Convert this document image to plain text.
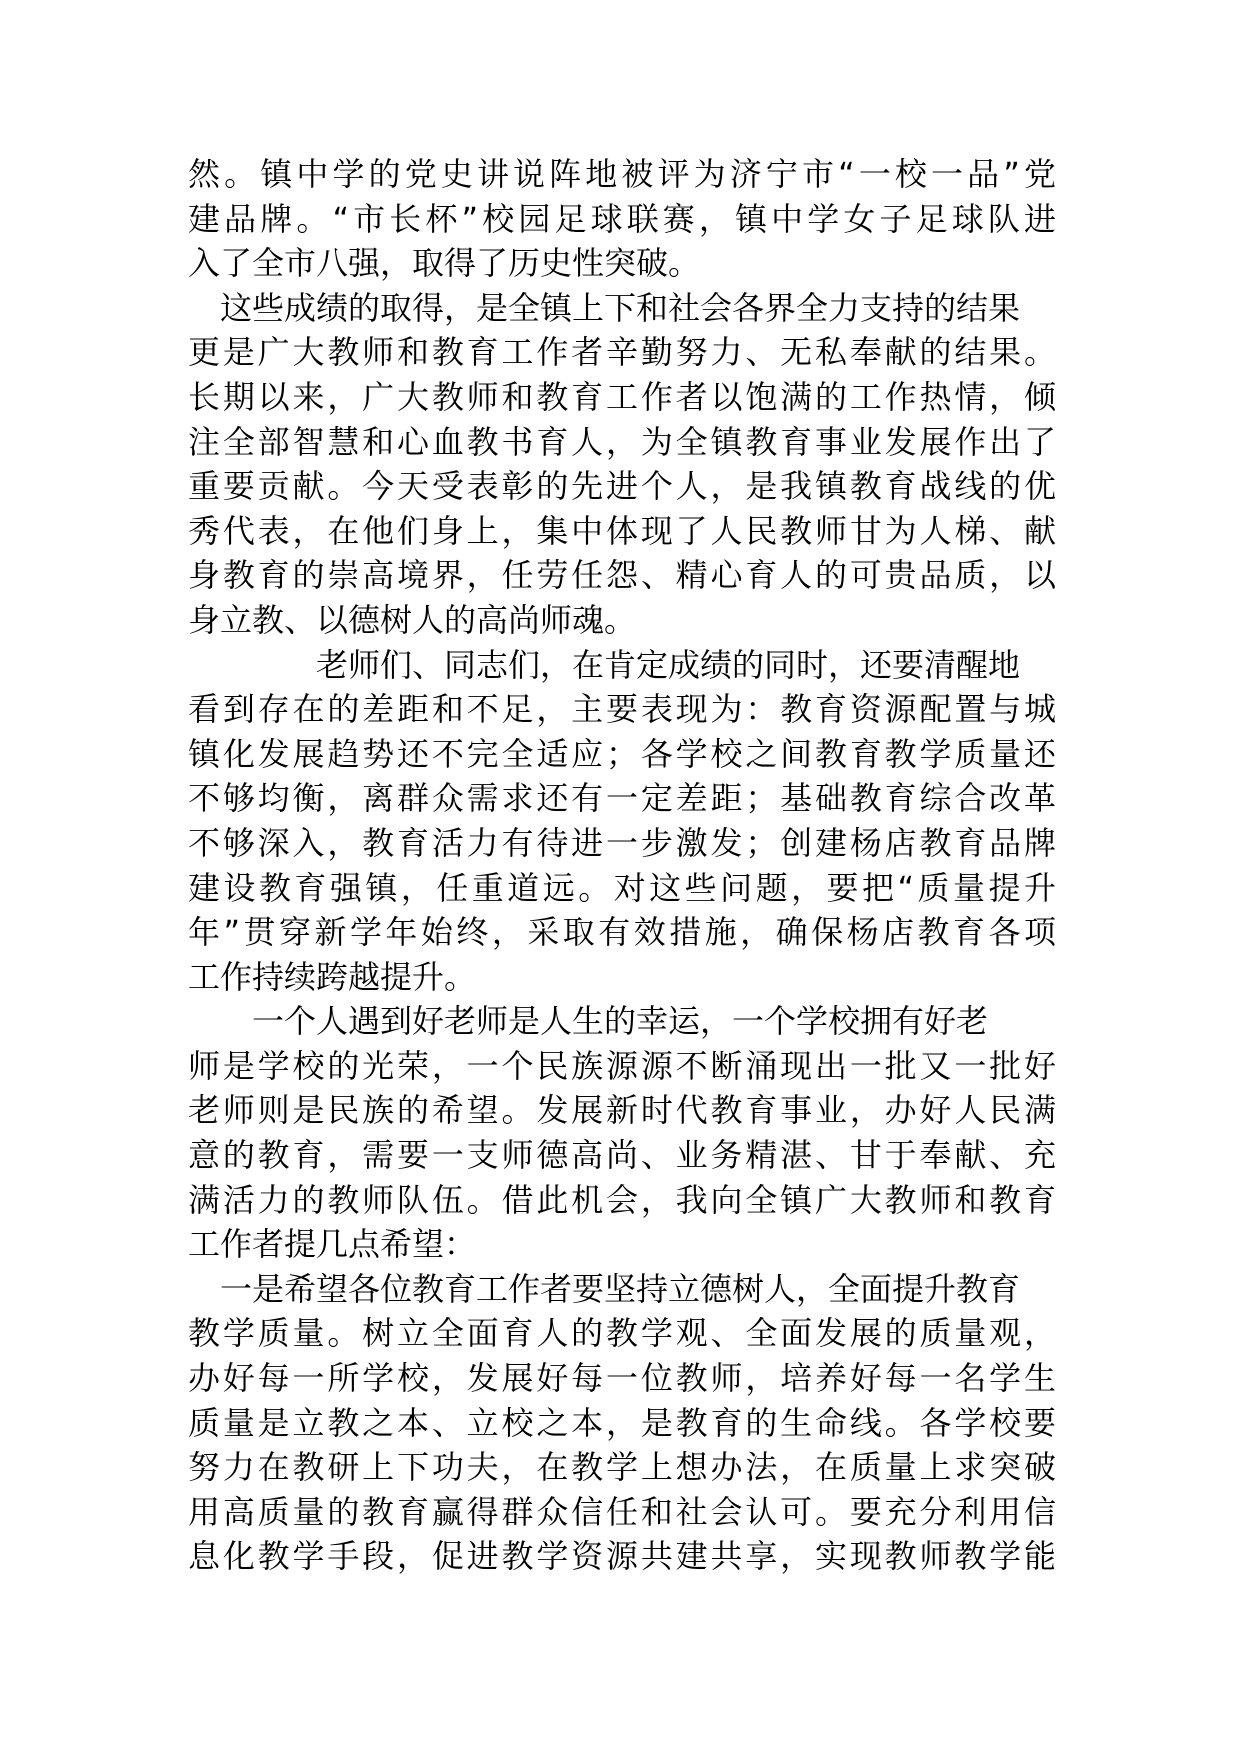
然。镇中学的党史讲说阵地被评为济宁市“一校一品”党
建品牌。“市长杯”校园足球联赛，镇中学女子足球队进
入了全市八强，取得了历史性突破。
这些成绩的取得，是全镇上下和社会各界全力支持的结果
更是广大教师和教育工作者辛勤努力、无私奉献的结果。
长期以来，广大教师和教育工作者以饱满的工作热情，倾
注全部智慧和心血教书育人，为全镇教育事业发展作出了
重要贡献。今天受表彰的先进个人，是我镇教育战线的优
秀代表，在他们身上，集中体现了人民教师甘为人梯、献
身教育的崇高境界，任劳任怨、精心育人的可贵品质，以
身立教、以德树人的高尚师魂。
老师们、同志们，在肯定成绩的同时，还要清醒地
看到存在的差距和不足，主要表现为：教育资源配置与城
镇化发展趋势还不完全适应；各学校之间教育教学质量还
不够均衡，离群众需求还有一定差距；基础教育综合改革
不够深入，教育活力有待进一步激发；创建杨店教育品牌
建设教育强镇，任重道远。对这些问题，要把“质量提升
年”贯穿新学年始终，采取有效措施，确保杨店教育各项
工作持续跨越提升。
一个人遇到好老师是人生的幸运，一个学校拥有好老
师是学校的光荣，一个民族源源不断涌现出一批又一批好
老师则是民族的希望。发展新时代教育事业，办好人民满
意的教育，需要一支师德高尚、业务精湛、甘于奉献、充
满活力的教师队伍。借此机会，我向全镇广大教师和教育
工作者提几点希望：
一是希望各位教育工作者要坚持立德树人，全面提升教育
教学质量。树立全面育人的教学观、全面发展的质量观，
办好每一所学校，发展好每一位教师，培养好每一名学生
质量是立教之本、立校之本，是教育的生命线。各学校要
努力在教研上下功夫，在教学上想办法，在质量上求突破
用高质量的教育赢得群众信任和社会认可。要充分利用信
息化教学手段，促进教学资源共建共享，实现教师教学能
